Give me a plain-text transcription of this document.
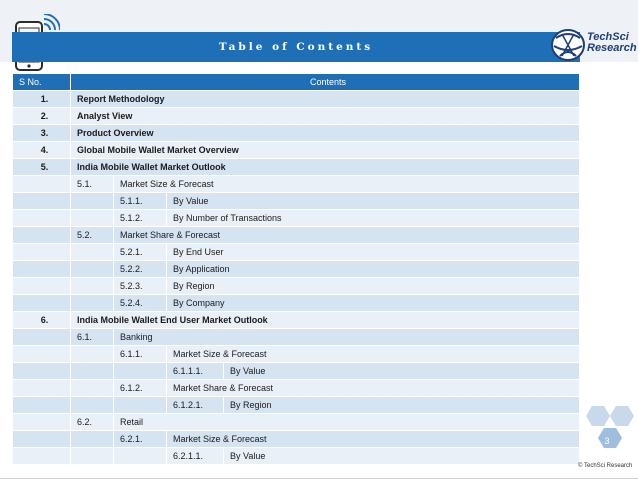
Table of Contents
TechSci
Research
S No.	Contents			
1.	Report Methodology			
2.	Analyst View			
3.	Product Overview			
4.	Global Mobile Wallet Market Overview			
5.	India Mobile Wallet Market Outlook			
	5.1.	Market Size & Forecast		
		5.1.1.	By Value	
		5.1.2.	By Number of Transactions	
	5.2.	Market Share & Forecast		
		5.2.1.	By End User	
		5.2.2.	By Application	
		5.2.3.	By Region	
		5.2.4.	By Company	
6.	India Mobile Wallet End User Market Outlook			
	6.1.	Banking		
		6.1.1.	Market Size & Forecast	
			6.1.1.1.	By Value
		6.1.2.	Market Share & Forecast	
			6.1.2.1.	By Region
	6.2.	Retail		
		6.2.1.	Market Size & Forecast	
			6.2.1.1.	By Value
3
© TechSci Research
